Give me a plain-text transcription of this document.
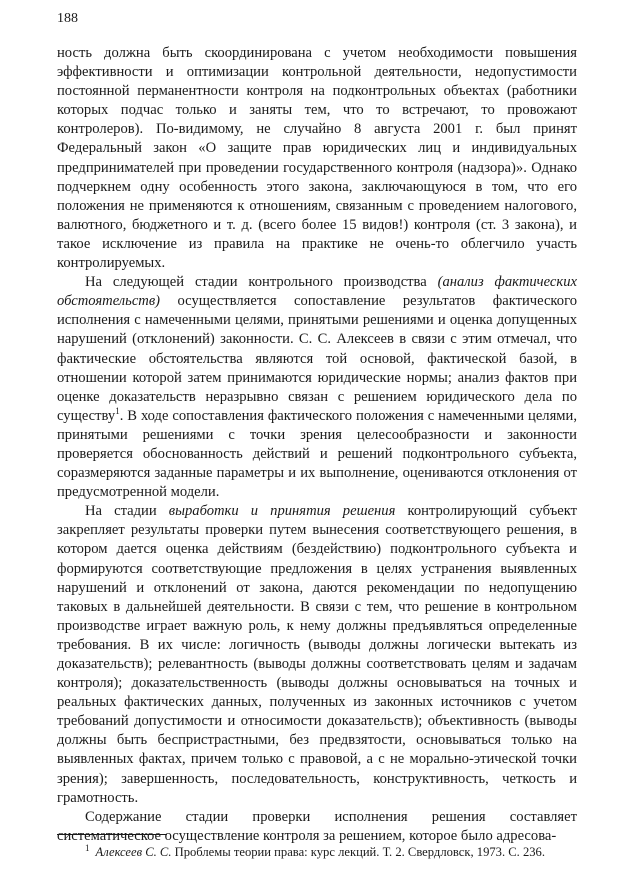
188

ность должна быть скоординирована с учетом необходимости повышения эффективности и оптимизации контрольной деятельности, недопустимости постоянной перманентности контроля на подконтрольных объектах (работники которых подчас только и заняты тем, что то встречают, то провожают контролеров). По-видимому, не случайно 8 августа 2001 г. был принят Федеральный закон «О защите прав юридических лиц и индивидуальных предпринимателей при проведении государственного контроля (надзора)». Однако подчеркнем одну особенность этого закона, заключающуюся в том, что его положения не применяются к отношениям, связанным с проведением налогового, валютного, бюджетного и т. д. (всего более 15 видов!) контроля (ст. 3 закона), и такое исключение из правила на практике не очень-то облегчило участь контролируемых.

На следующей стадии контрольного производства (анализ фактических обстоятельств) осуществляется сопоставление результатов фактического исполнения с намеченными целями, принятыми решениями и оценка допущенных нарушений (отклонений) законности. С. С. Алексеев в связи с этим отмечал, что фактические обстоятельства являются той основой, фактической базой, в отношении которой затем принимаются юридические нормы; анализ фактов при оценке доказательств неразрывно связан с решением юридического дела по существу$^1$. В ходе сопоставления фактического положения с намеченными целями, принятыми решениями с точки зрения целесообразности и законности проверяется обоснованность действий и решений подконтрольного субъекта, соразмеряются заданные параметры и их выполнение, оцениваются отклонения от предусмотренной модели.

На стадии выработки и принятия решения контролирующий субъект закрепляет результаты проверки путем вынесения соответствующего решения, в котором дается оценка действиям (бездействию) подконтрольного субъекта и формируются соответствующие предложения в целях устранения выявленных нарушений и отклонений от закона, даются рекомендации по недопущению таковых в дальнейшей деятельности. В связи с тем, что решение в контрольном производстве играет важную роль, к нему должны предъявляться определенные требования. В их числе: логичность (выводы должны логически вытекать из доказательств); релевантность (выводы должны соответствовать целям и задачам контроля); доказательственность (выводы должны основываться на точных и реальных фактических данных, полученных из законных источников с учетом требований допустимости и относимости доказательств); объективность (выводы должны быть беспристрастными, без предвзятости, основываться только на выявленных фактах, причем только с правовой, а с не морально-этической точки зрения); завершенность, последовательность, конструктивность, четкость и грамотность.

Содержание стадии проверки исполнения решения составляет систематическое осуществление контроля за решением, которое было адресова-

$^1$ Алексеев С. С. Проблемы теории права: курс лекций. Т. 2. Свердловск, 1973. С. 236.
